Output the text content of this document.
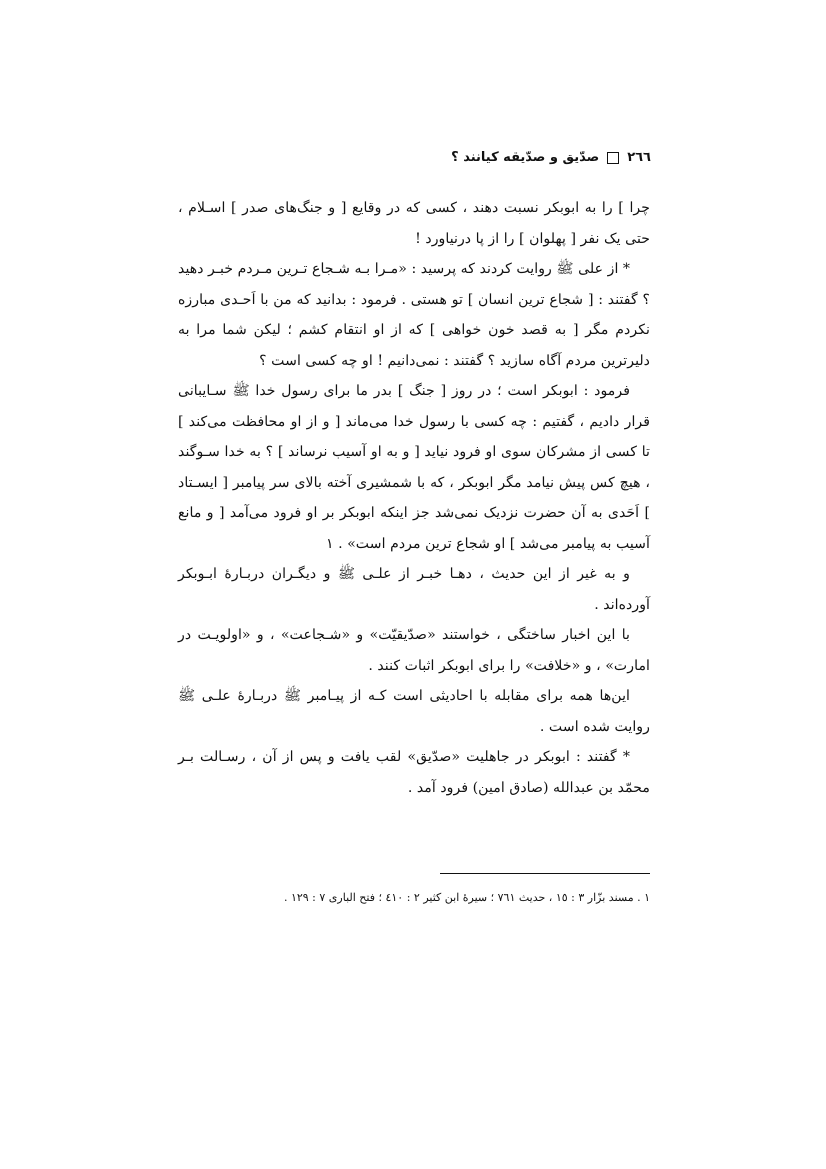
٢٦٦
صدّیق و صدّیقه کیانند ؟

چرا ] را به ابوبکر نسبت دهند ، کسی که در وقایع [ و جنگ‌های صدر ] اسـلام ، حتی یک نفر [ پهلوان ] را از پا درنیاورد !

* از علی ﷺ روایت کردند که پرسید : «مـرا بـه شـجاع تـرین مـردم خبـر دهید ؟ گفتند : [ شجاع ترین انسان ] تو هستی . فرمود : بدانید که من با اَحـدی مبارزه نکردم مگر [ به قصد خون خواهی ] که از او انتقام کشم ؛ لیکن شما مرا به دلیرترین مردم آگاه سازید ؟ گفتند : نمی‌دانیم ! او چه کسی است ؟

فرمود : ابوبکر است ؛ در روز [ جنگ ] بدر ما برای رسول خدا ﷺ سـایبانی قرار دادیم ، گفتیم : چه کسی با رسول خدا می‌ماند [ و از او محافظت می‌کند ] تا کسی از مشرکان سوی او فرود نیاید [ و به او آسیب نرساند ] ؟ به خدا سـوگند ، هیچ کس پیش نیامد مگر ابوبکر ، که با شمشیری آخته بالای سر پیامبر [ ایسـتاد ] اَحَدی به آن حضرت نزدیک نمی‌شد جز اینکه ابوبکر بر او فرود می‌آمد [ و مانع آسیب به پیامبر می‌شد ] او شجاع ترین مردم است» . ١

و به غیر از این حدیث ، دهـا خبـر از علـی ﷺ و دیگـران دربـارهٔ ابـوبکر آورده‌اند .

با این اخبار ساختگی ، خواستند «صدّیقیّت» و «شـجاعت» ، و «اولویـت در امارت» ، و «خلافت» را برای ابوبکر اثبات کنند .

این‌ها همه برای مقابله با احادیثی است کـه از پیـامبر ﷺ دربـارهٔ علـی ﷺ روایت شده است .

* گفتند : ابوبکر در جاهلیت «صدّیق» لقب یافت و پس از آن ، رسـالت بـر محمّد بن عبدالله (صادق امین) فرود آمد .

١ . مسند بزّار ٣ : ١٥ ، حدیث ٧٦١ ؛ سیرهٔ ابن کثیر ٢ : ٤١٠ ؛ فتح الباری ٧ : ١٢٩ .
